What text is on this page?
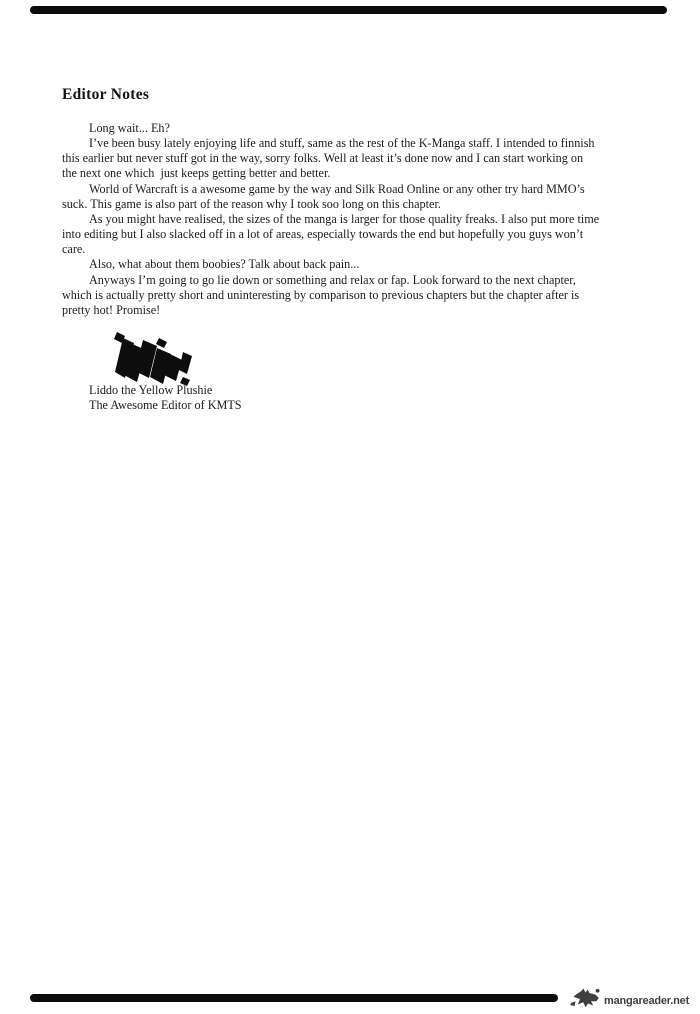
Editor Notes
Long wait... Eh?
I’ve been busy lately enjoying life and stuff, same as the rest of the K-Manga staff. I intended to finnish
this earlier but never stuff got in the way, sorry folks. Well at least it’s done now and I can start working on
the next one which  just keeps getting better and better.
World of Warcraft is a awesome game by the way and Silk Road Online or any other try hard MMO’s
suck. This game is also part of the reason why I took soo long on this chapter.
As you might have realised, the sizes of the manga is larger for those quality freaks. I also put more time
into editing but I also slacked off in a lot of areas, especially towards the end but hopefully you guys won’t
care.
Also, what about them boobies? Talk about back pain...
Anyways I’m going to go lie down or something and relax or fap. Look forward to the next chapter,
which is actually pretty short and uninteresting by comparison to previous chapters but the chapter after is
pretty hot! Promise!
Liddo the Yellow Plushie
The Awesome Editor of KMTS
mangareader.net
